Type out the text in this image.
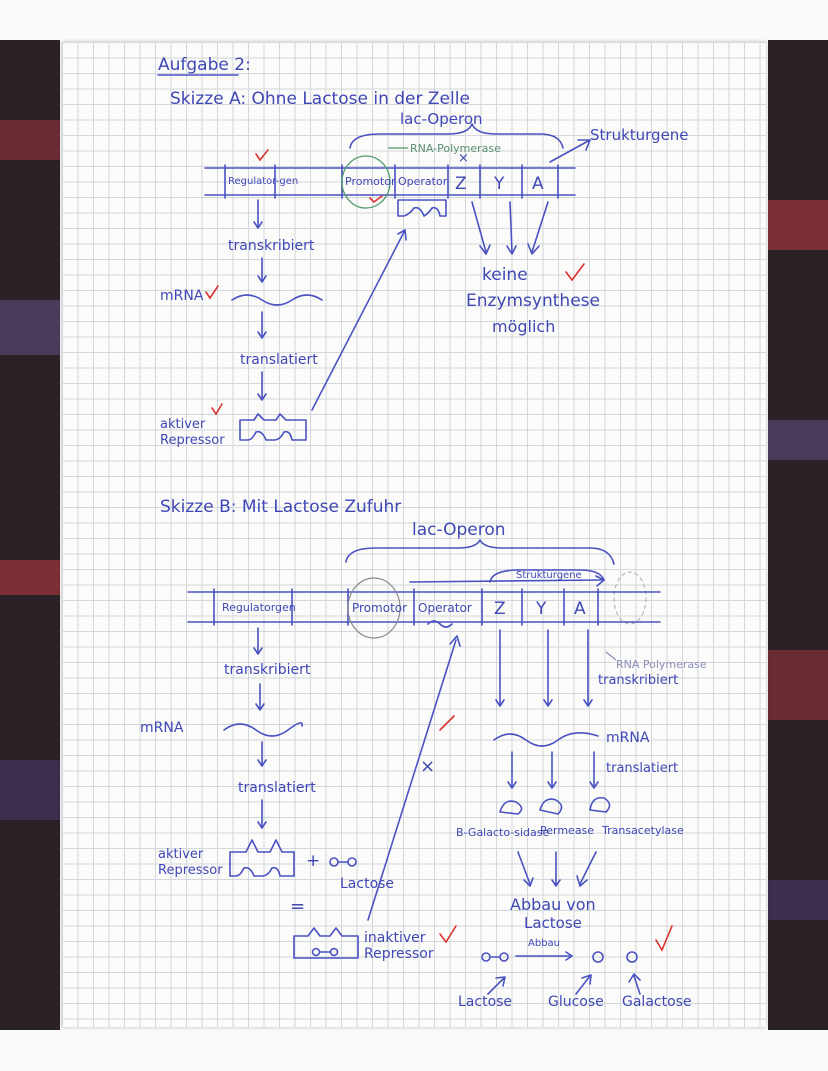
Aufgabe 2:
Skizze A: Ohne Lactose in der Zelle
lac-Operon
RNA-Polymerase
×
Strukturgene
Regulator-gen	Promotor Operator Z Y A
transkribiert
mRNA
translatiert
aktiver
Repressor
keine
Enzymsynthese
möglich
Skizze B: Mit Lactose Zufuhr
lac-Operon
Strukturgene
Regulatorgen	Promotor Operator Z Y A
RNA Polymerase
transkribiert
transkribiert
mRNA
translatiert
aktiver
Repressor	+
Lactose
=
inaktiver
Repressor
×
mRNA
translatiert
B-Galacto-sidase
Permease Transacetylase
Abbau von
Lactose
Abbau
Lactose	Glucose Galactose
